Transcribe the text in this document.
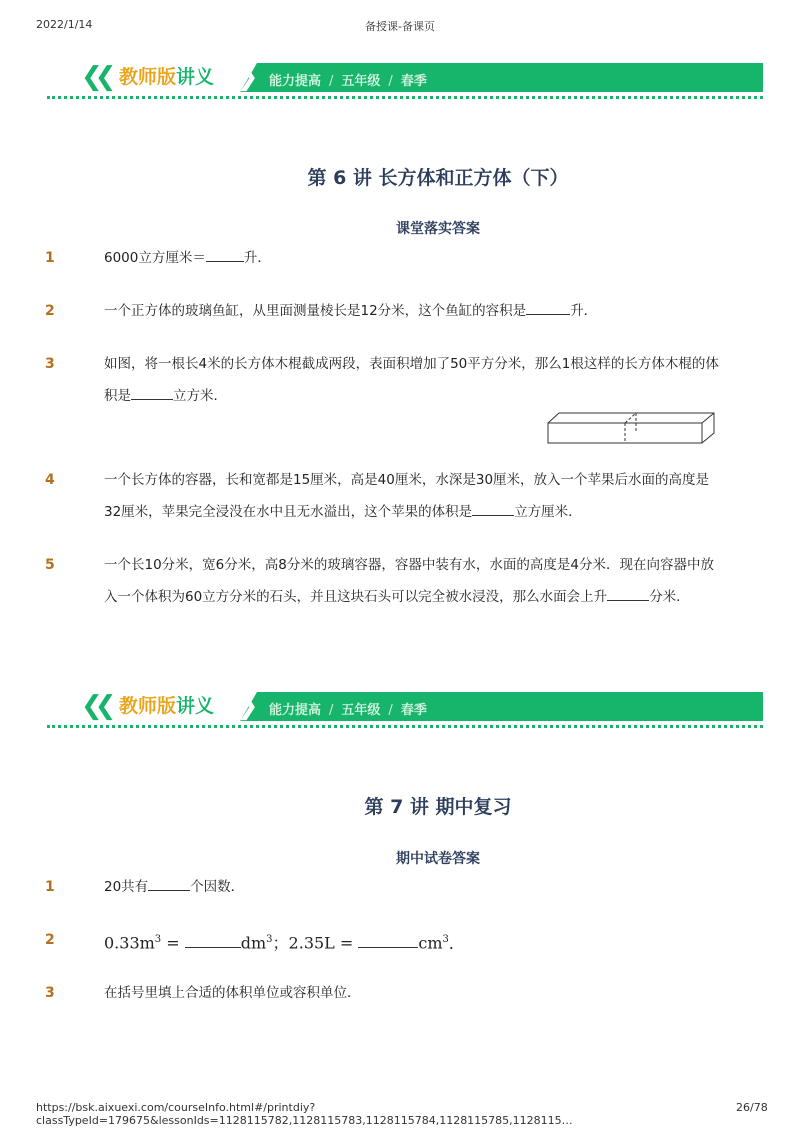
2022/1/14	备授课-备课页
❮❮ 教师版讲义 ❯❯ 能力提高 / 五年级 / 春季
第 6 讲 长方体和正方体（下）
课堂落实答案
1	6000立方厘米＝	升．
2	一个正方体的玻璃鱼缸，从里面测量棱长是12分米，这个鱼缸的容积是	升．
3	如图，将一根长4米的长方体木棍截成两段，表面积增加了50平方分米，那么1根这样的长方体木棍的体积是	立方米．
4	一个长方体的容器，长和宽都是15厘米，高是40厘米，水深是30厘米，放入一个苹果后水面的高度是32厘米，苹果完全浸没在水中且无水溢出，这个苹果的体积是	立方厘米．
5	一个长10分米，宽6分米，高8分米的玻璃容器，容器中装有水，水面的高度是4分米．现在向容器中放入一个体积为60立方分米的石头，并且这块石头可以完全被水浸没，那么水面会上升	分米．
❮❮ 教师版讲义 ❯❯ 能力提高 / 五年级 / 春季
第 7 讲 期中复习
期中试卷答案
1	20共有	个因数．
2	$0.33m^3$ =	$dm^3$；2.35L =	$cm^3$．
3	在括号里填上合适的体积单位或容积单位．
https://bsk.aixuexi.com/courseInfo.html#/printdiy?classTypeId=179675&lessonIds=1128115782,1128115783,1128115784,1128115785,1128115…
26/78
